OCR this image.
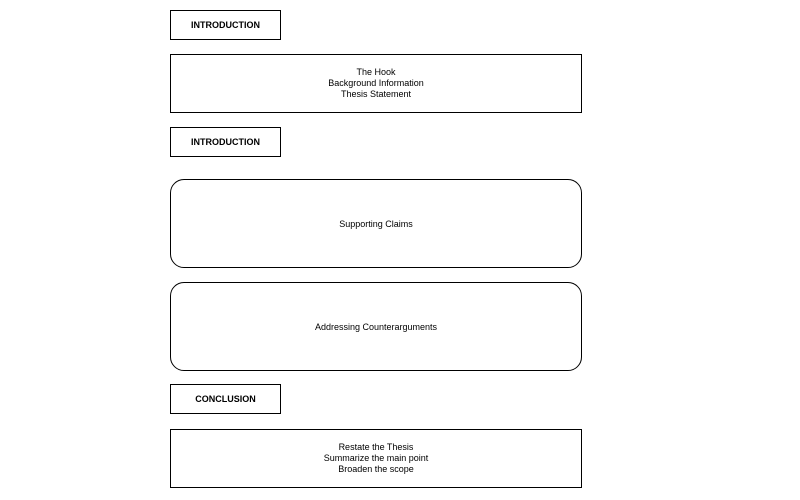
INTRODUCTION
The Hook
Background Information
Thesis Statement
INTRODUCTION
Supporting Claims
Addressing Counterarguments
CONCLUSION
Restate the Thesis
Summarize the main point
Broaden the scope
